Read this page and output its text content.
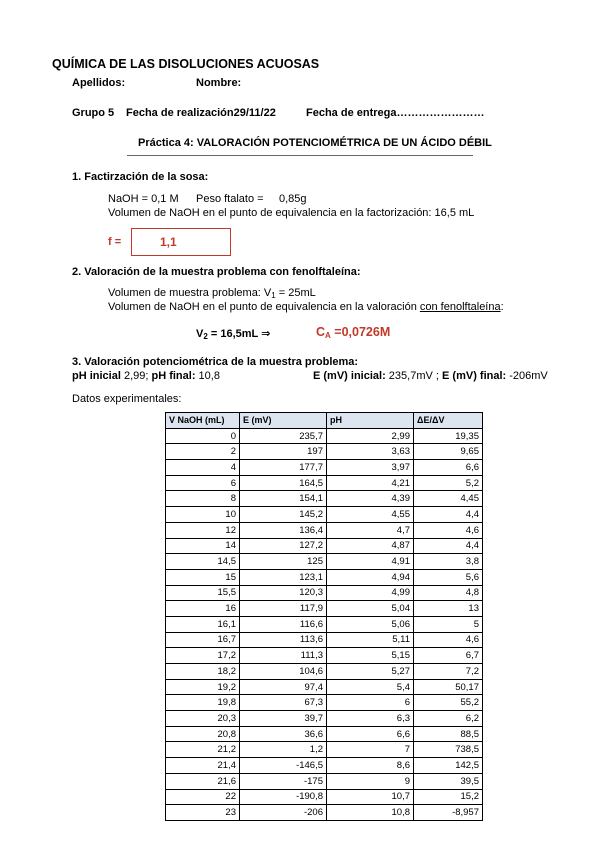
QUÍMICA DE LAS DISOLUCIONES ACUOSAS
Apellidos:	Nombre:
Grupo 5 Fecha de realización29/11/22	Fecha de entrega……………………
Práctica 4: VALORACIÓN POTENCIOMÉTRICA DE UN ÁCIDO DÉBIL
1. Factirzación de la sosa:
NaOH = 0,1 M Peso ftalato = 0,85g
Volumen de NaOH en el punto de equivalencia en la factorización: 16,5 mL
f =	1,1
2. Valoración de la muestra problema con fenolftaleína:
Volumen de muestra problema: $V_1 = 25mL$
Volumen de NaOH en el punto de equivalencia en la valoración con fenolftaleína:
$V_2 = 16,5mL$ ⇒	$C_A =0,0726M$
3. Valoración potenciométrica de la muestra problema:
pH inicial 2,99; pH final: 10,8	E (mV) inicial: 235,7mV ; E (mV) final: -206mV
Datos experimentales:
V NaOH (mL)	E (mV)	pH	ΔE/ΔV
0	235,7	2,99	19,35
2	197	3,63	9,65
4	177,7	3,97	6,6
6	164,5	4,21	5,2
8	154,1	4,39	4,45
10	145,2	4,55	4,4
12	136,4	4,7	4,6
14	127,2	4,87	4,4
14,5	125	4,91	3,8
15	123,1	4,94	5,6
15,5	120,3	4,99	4,8
16	117,9	5,04	13
16,1	116,6	5,06	5
16,7	113,6	5,11	4,6
17,2	111,3	5,15	6,7
18,2	104,6	5,27	7,2
19,2	97,4	5,4	50,17
19,8	67,3	6	55,2
20,3	39,7	6,3	6,2
20,8	36,6	6,6	88,5
21,2	1,2	7	738,5
21,4	-146,5	8,6	142,5
21,6	-175	9	39,5
22	-190,8	10,7	15,2
23	-206	10,8	-8,957
